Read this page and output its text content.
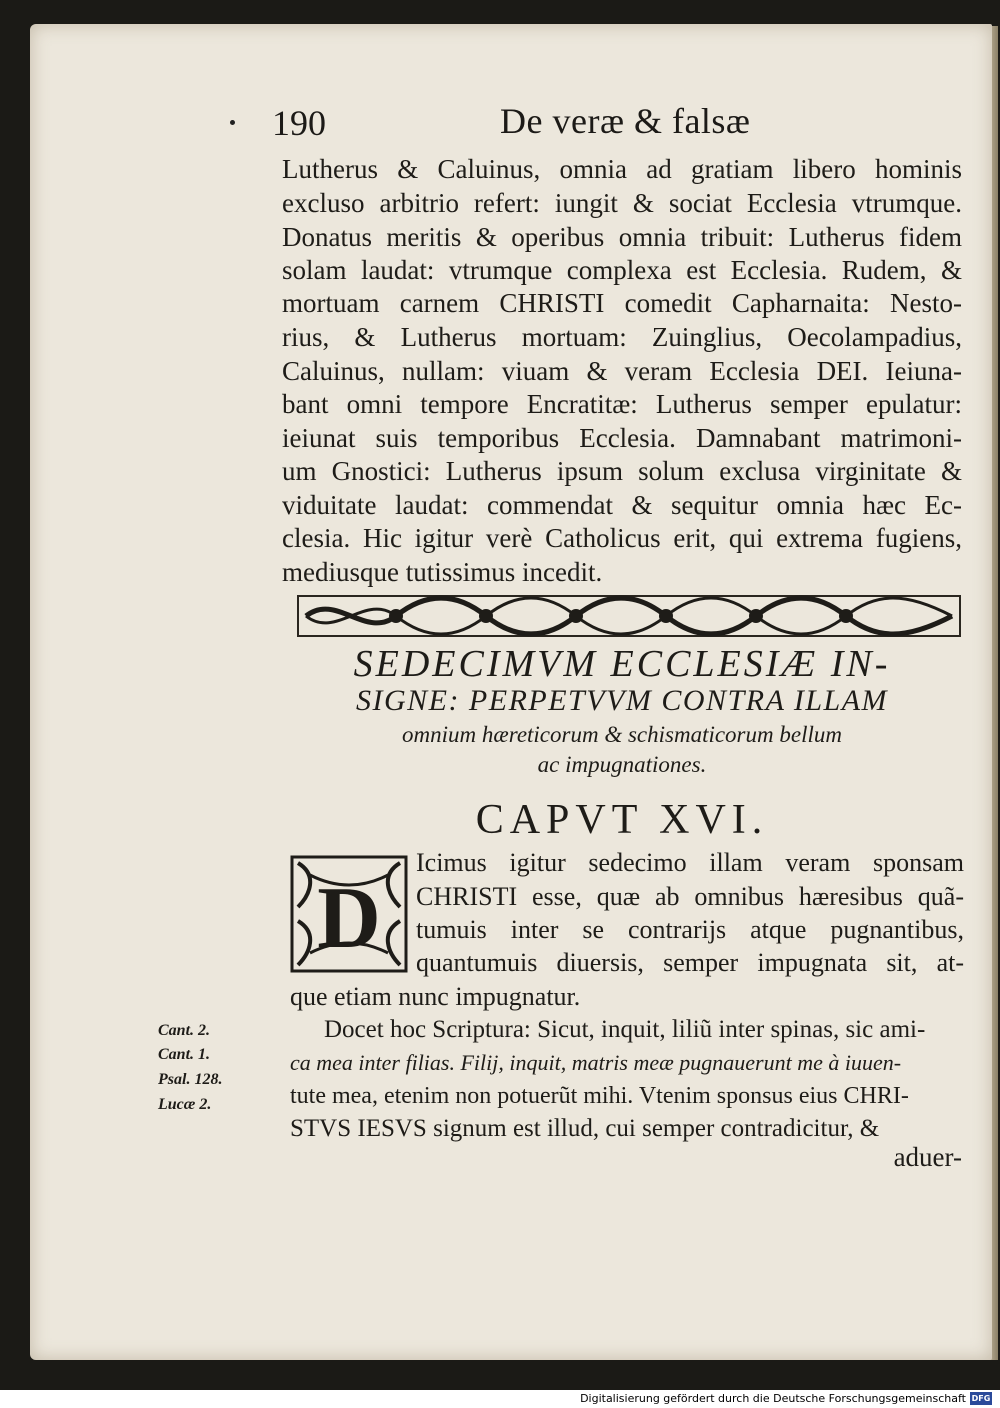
190	De veræ & falsæ
Lutherus & Caluinus, omnia ad gratiam libero hominis
excluso arbitrio refert: iungit & sociat Ecclesia vtrumque.
Donatus meritis & operibus omnia tribuit: Lutherus fidem
solam laudat: vtrumque complexa est Ecclesia. Rudem, &
mortuam carnem CHRISTI comedit Capharnaita: Nesto-
rius, & Lutherus mortuam: Zuinglius, Oecolampadius,
Caluinus, nullam: viuam & veram Ecclesia DEI. Ieiuna-
bant omni tempore Encratitæ: Lutherus semper epulatur:
ieiunat suis temporibus Ecclesia. Damnabant matrimoni-
um Gnostici: Lutherus ipsum solum exclusa virginitate &
viduitate laudat: commendat & sequitur omnia hæc Ec-
clesia. Hic igitur verè Catholicus erit, qui extrema fugiens,
mediusque tutissimus incedit.
SEDECIMVM ECCLESIÆ IN-
SIGNE: PERPETVVM CONTRA ILLAM
omnium hæreticorum & schismaticorum bellum
ac impugnationes.
CAPVT XVI.
D
Icimus igitur sedecimo illam veram sponsam
CHRISTI esse, quæ ab omnibus hæresibus quã-
tumuis inter se contrarijs atque pugnantibus,
quantumuis diuersis, semper impugnata sit, at-
que etiam nunc impugnatur.
Docet hoc Scriptura: Sicut, inquit, liliũ inter spinas, sic ami-
ca mea inter filias. Filij, inquit, matris meæ pugnauerunt me à iuuen-
tute mea, etenim non potuerũt mihi. Vtenim sponsus eius CHRI-
STVS IESVS signum est illud, cui semper contradicitur, &
aduer-
Cant. 2.
Cant. 1.
Psal. 128.
Lucæ 2.
Digitalisierung gefördert durch die Deutsche Forschungsgemeinschaft DFG
